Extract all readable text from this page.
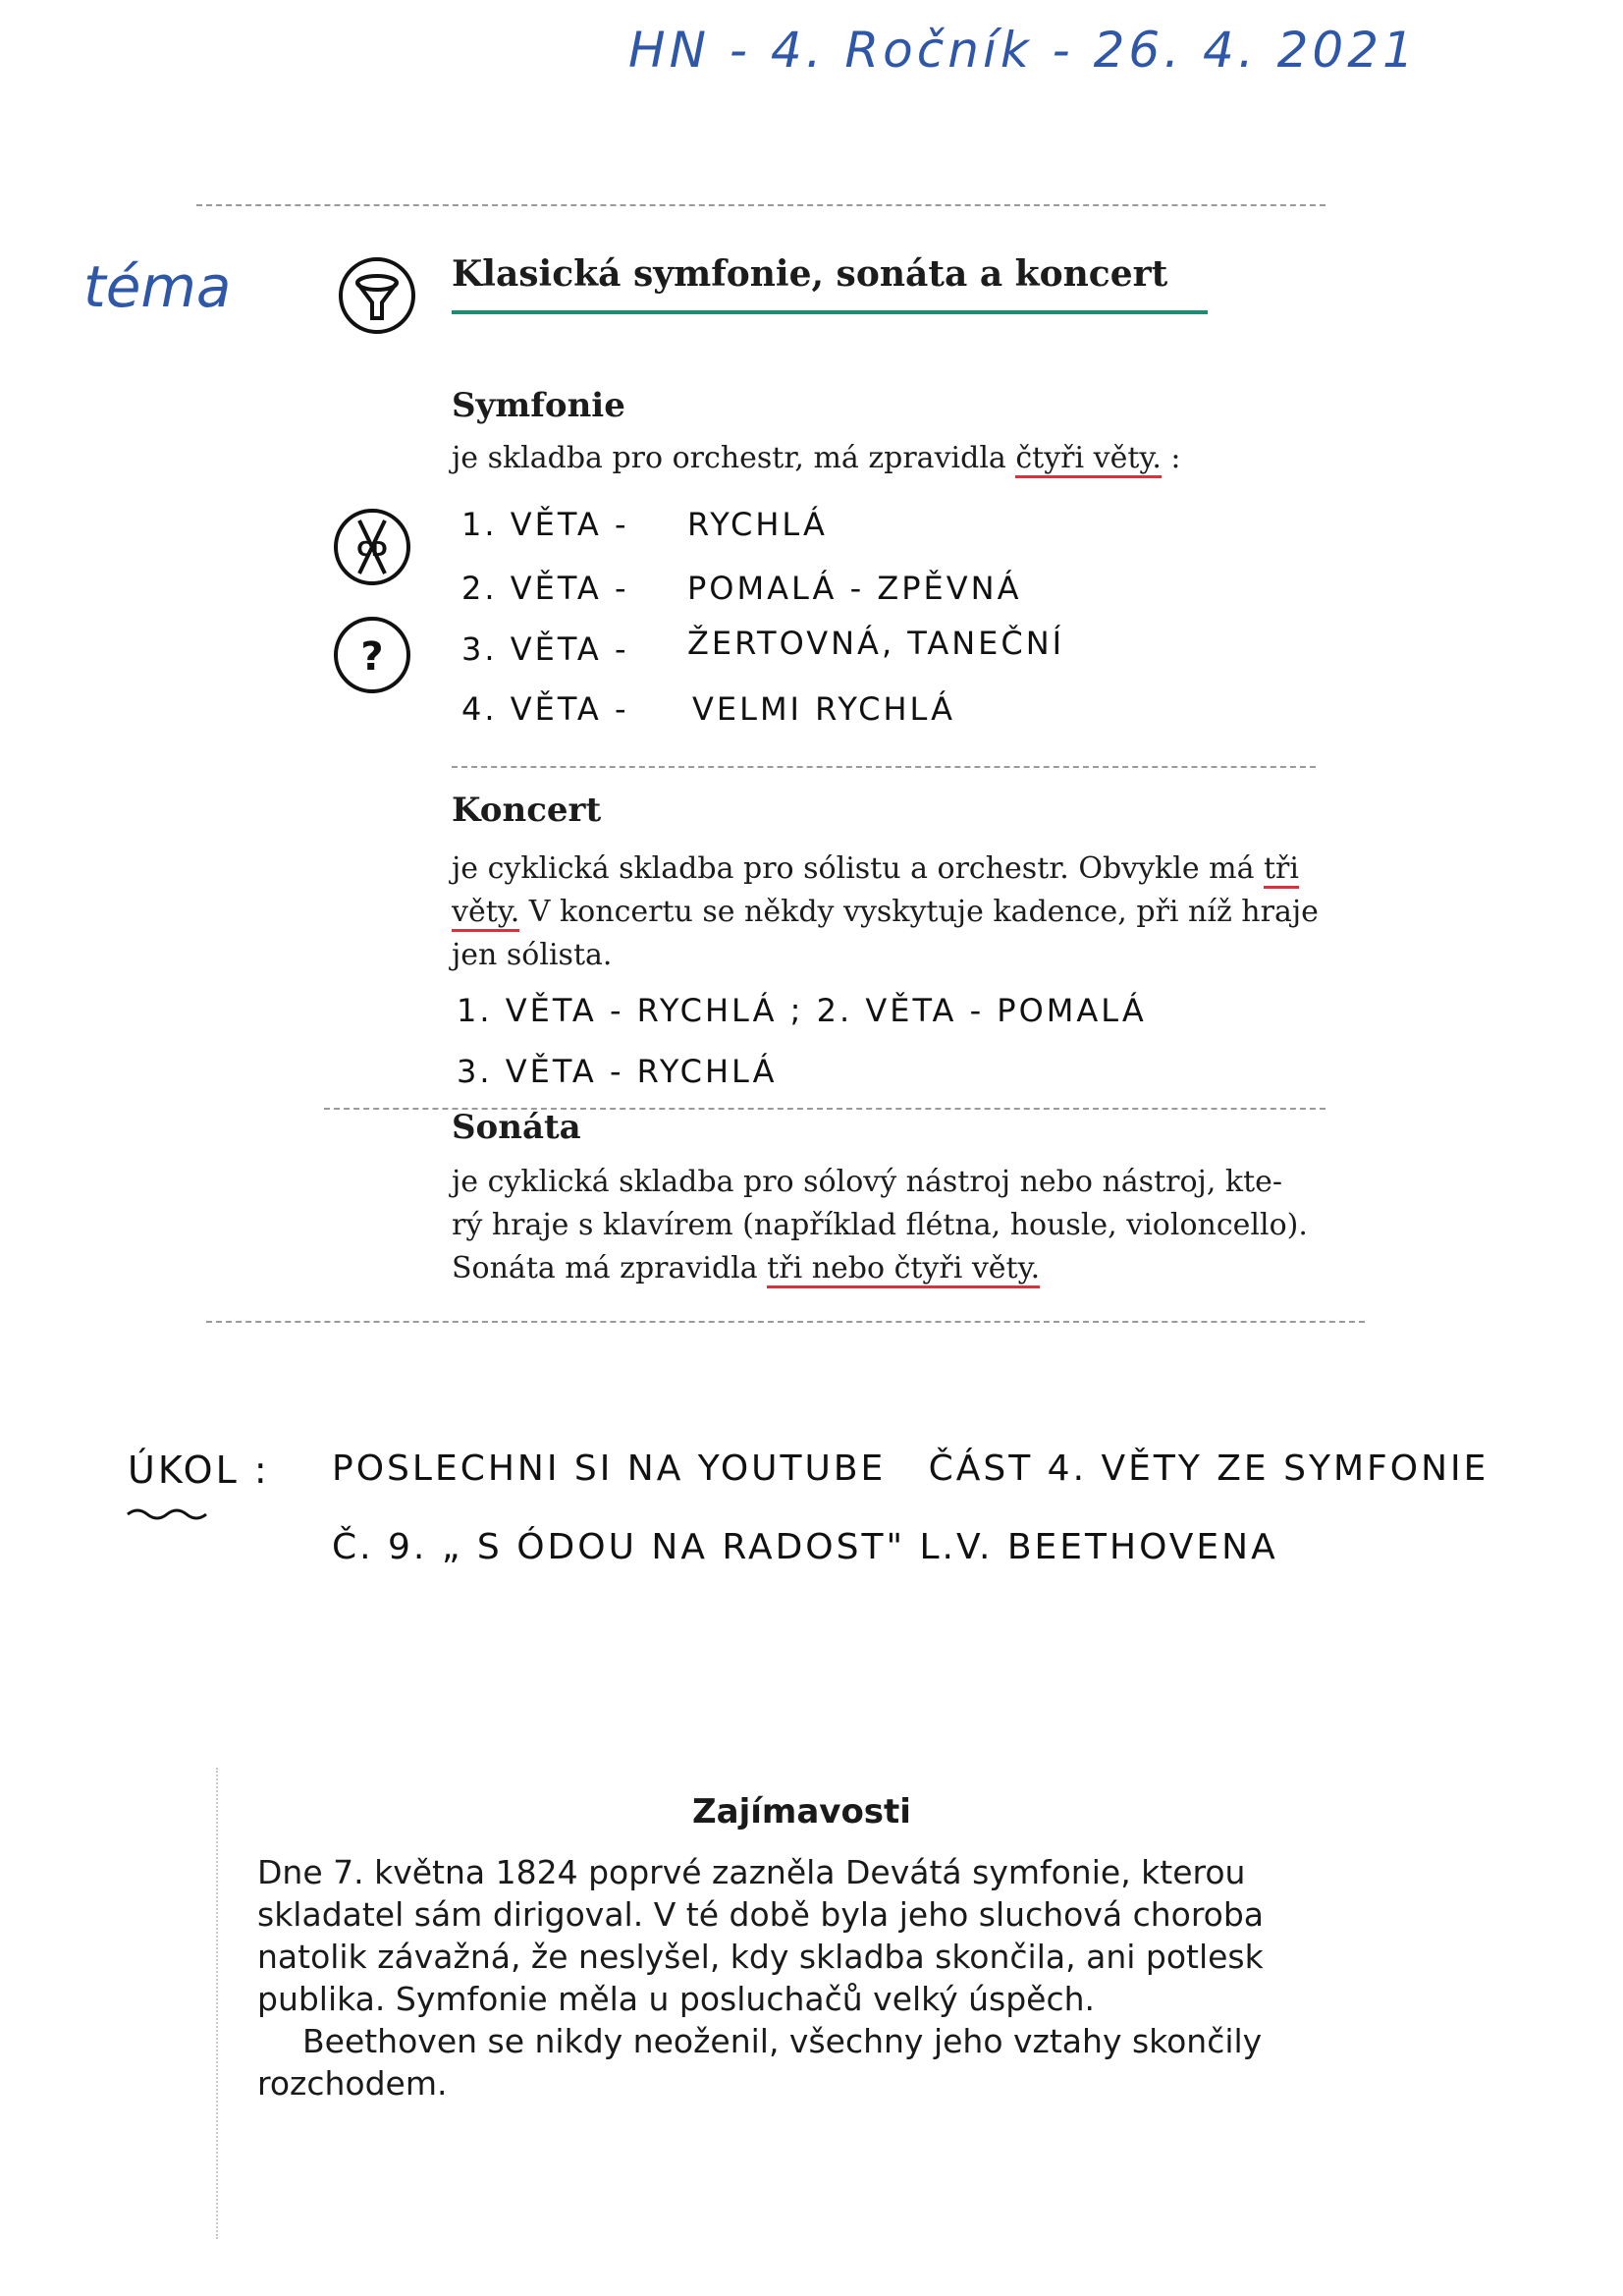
HN - 4. Ročník - 26. 4. 2021
téma	Klasická symfonie, sonáta a koncert
Symfonie
je skladba pro orchestr, má zpravidla čtyři věty. :
CD
?
1. VĚTA - RYCHLÁ
2. VĚTA - POMALÁ - ZPĚVNÁ
3. VĚTA - ŽERTOVNÁ, TANEČNÍ
4. VĚTA - VELMI RYCHLÁ
Koncert
je cyklická skladba pro sólistu a orchestr. Obvykle má tři
věty. V koncertu se někdy vyskytuje kadence, při níž hraje
jen sólista.
1. VĚTA - RYCHLÁ ; 2. VĚTA - POMALÁ
3. VĚTA - RYCHLÁ
Sonáta
je cyklická skladba pro sólový nástroj nebo nástroj, kte-
rý hraje s klavírem (například flétna, housle, violoncello).
Sonáta má zpravidla tři nebo čtyři věty.
ÚKOL : POSLECHNI SI NA YOUTUBE   ČÁST 4. VĚTY ZE SYMFONIE
Č. 9. „ S ÓDOU NA RADOST" L.V. BEETHOVENA
Zajímavosti
Dne 7. května 1824 poprvé zazněla Devátá symfonie, kterou
skladatel sám dirigoval. V té době byla jeho sluchová choroba
natolik závažná, že neslyšel, kdy skladba skončila, ani potlesk
publika. Symfonie měla u posluchačů velký úspěch.
Beethoven se nikdy neoženil, všechny jeho vztahy skončily
rozchodem.
